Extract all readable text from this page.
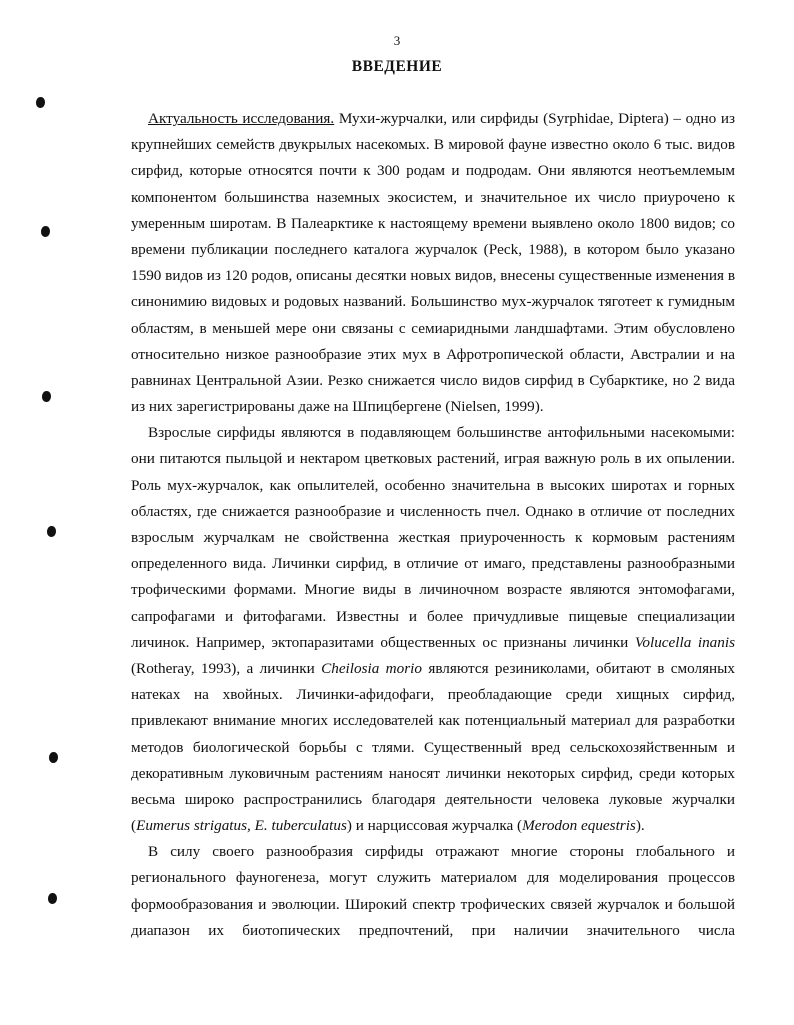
3
ВВЕДЕНИЕ
Актуальность исследования. Мухи-журчалки, или сирфиды (Syrphidae, Diptera) – одно из
крупнейших семейств двукрылых насекомых. В мировой фауне известно около 6 тыс. видов
сирфид, которые относятся почти к 300 родам и подродам. Они являются неотъемлемым
компонентом большинства наземных экосистем, и значительное их число приурочено к
умеренным широтам. В Палеарктике к настоящему времени выявлено около 1800 видов; со
времени публикации последнего каталога журчалок (Peck, 1988), в котором было указано
1590 видов из 120 родов, описаны десятки новых видов, внесены существенные изменения в
синонимию видовых и родовых названий. Большинство мух-журчалок тяготеет к гумидным
областям, в меньшей мере они связаны с семиаридными ландшафтами. Этим обусловлено
относительно низкое разнообразие этих мух в Афротропической области, Австралии и на
равнинах Центральной Азии. Резко снижается число видов сирфид в Субарктике, но 2 вида
из них зарегистрированы даже на Шпицбергене (Nielsen, 1999).
Взрослые сирфиды являются в подавляющем большинстве антофильными насекомыми:
они питаются пыльцой и нектаром цветковых растений, играя важную роль в их опылении.
Роль мух-журчалок, как опылителей, особенно значительна в высоких широтах и горных
областях, где снижается разнообразие и численность пчел. Однако в отличие от последних
взрослым журчалкам не свойственна жесткая приуроченность к кормовым растениям
определенного вида. Личинки сирфид, в отличие от имаго, представлены разнообразными
трофическими формами. Многие виды в личиночном возрасте являются энтомофагами,
сапрофагами и фитофагами. Известны и более причудливые пищевые специализации
личинок. Например, эктопаразитами общественных ос признаны личинки Volucella inanis
(Rotheray, 1993), а личинки Cheilosia morio являются резиниколами, обитают в смоляных
натеках на хвойных. Личинки-афидофаги, преобладающие среди хищных сирфид,
привлекают внимание многих исследователей как потенциальный материал для разработки
методов биологической борьбы с тлями. Существенный вред сельскохозяйственным и
декоративным луковичным растениям наносят личинки некоторых сирфид, среди которых
весьма широко распространились благодаря деятельности человека луковые журчалки
(Eumerus strigatus, E. tuberculatus) и нарциссовая журчалка (Merodon equestris).
В силу своего разнообразия сирфиды отражают многие стороны глобального и
регионального фауногенеза, могут служить материалом для моделирования процессов
формообразования и эволюции. Широкий спектр трофических связей журчалок и большой
диапазон их биотопических предпочтений, при наличии значительного числа
